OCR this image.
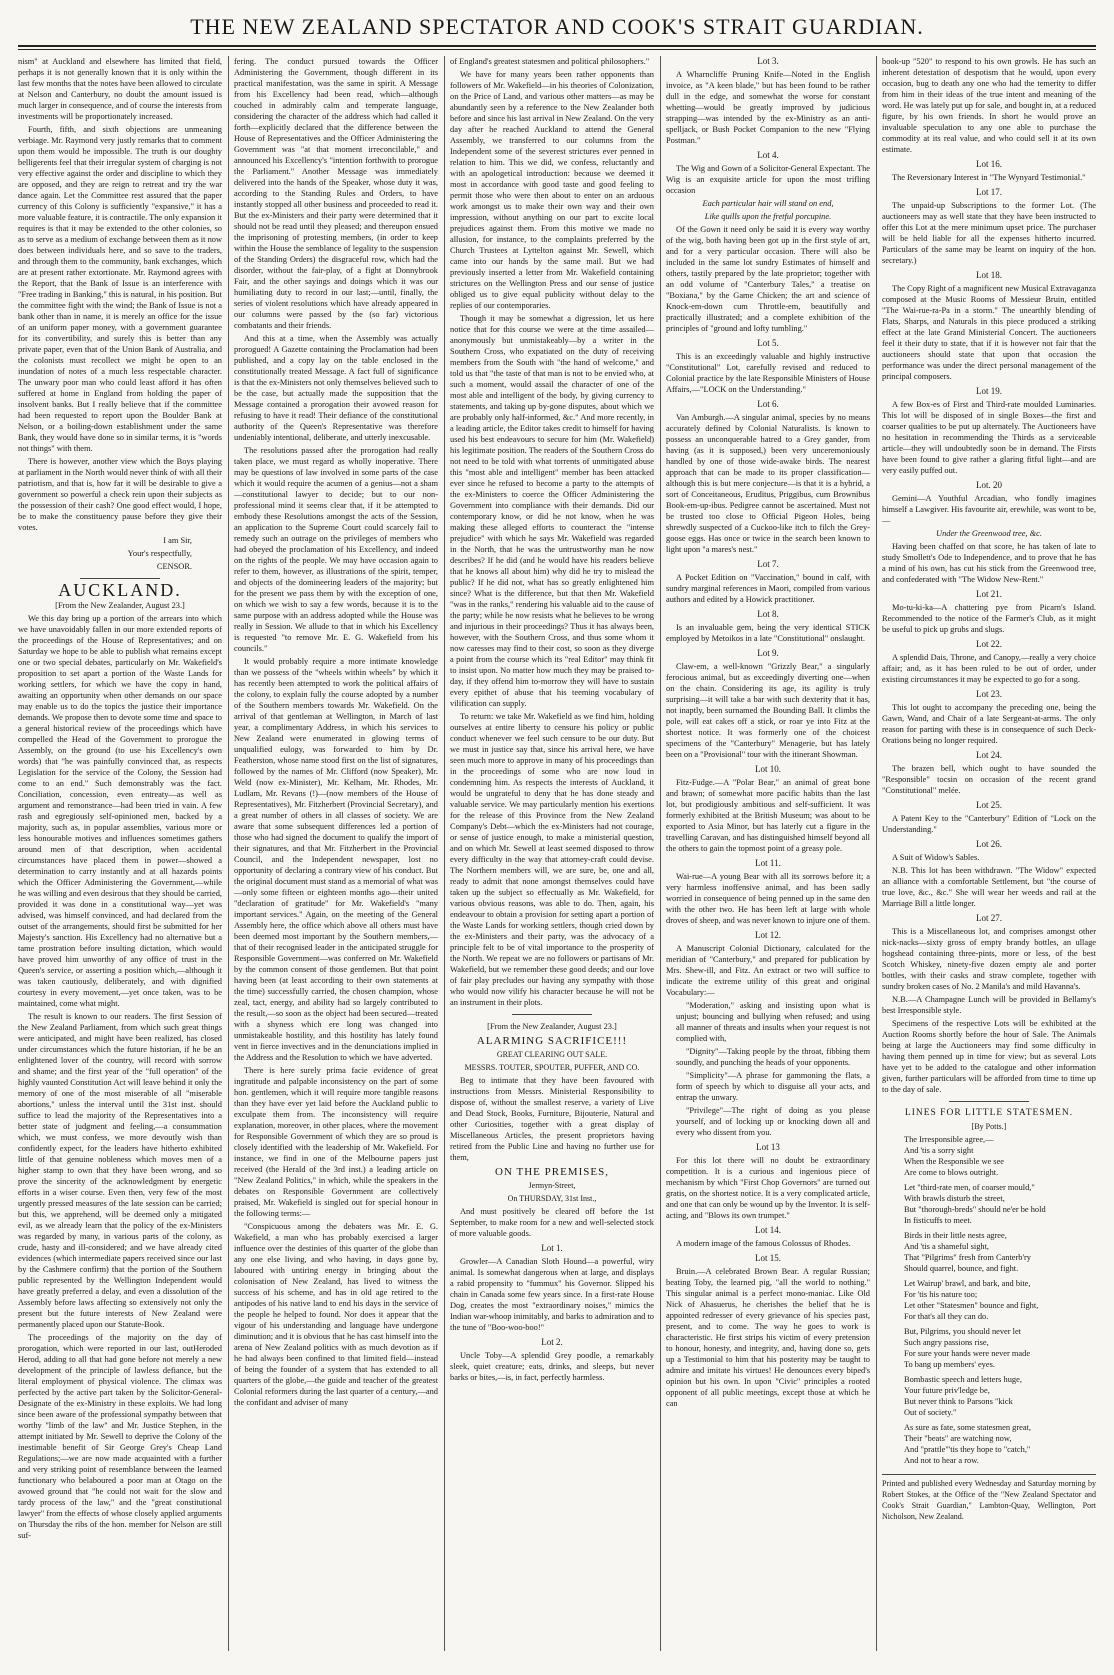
THE NEW ZEALAND SPECTATOR AND COOK'S STRAIT GUARDIAN.

nism" at Auckland and elsewhere has limited that field, perhaps it is not generally known that it is only within the last few months that the notes have been allowed to circulate at Nelson and Canterbury, no doubt the amount issued is much larger in consequence, and of course the interests from investments will be proportionately increased.

Fourth, fifth, and sixth objections are unmeaning verbiage. Mr. Raymond very justly remarks that to comment upon them would be impossible. The truth is our doughty belligerents feel that their irregular system of charging is not very effective against the order and discipline to which they are opposed, and they are reign to retreat and try the war dance again. Let the Committee rest assured that the paper currency of this Colony is sufficiently "expansive," it has a more valuable feature, it is contractile. The only expansion it requires is that it may be extended to the other colonies, so as to serve as a medium of exchange between them as it now does between individuals here, and so save to the traders, and through them to the community, bank exchanges, which are at present rather extortionate. Mr. Raymond agrees with the Report, that the Bank of Issue is an interference with "Free trading in Banking," this is natural, in his position. But the committee fight with the wind; the Bank of Issue is not a bank other than in name, it is merely an office for the issue of an uniform paper money, with a government guarantee for its convertibility, and surely this is better than any private paper, even that of the Union Bank of Australia, and the colonists must recollect we might be open to an inundation of notes of a much less respectable character. The unwary poor man who could least afford it has often suffered at home in England from holding the paper of insolvent banks. But I really believe that if the committee had been requested to report upon the Boulder Bank at Nelson, or a boiling-down establishment under the same Bank, they would have done so in similar terms, it is "words not things" with them.

There is however, another view which the Boys playing at parliament in the North would never think of with all their patriotism, and that is, how far it will be desirable to give a government so powerful a check rein upon their subjects as the possession of their cash? One good effect would, I hope, be to make the constituency pause before they give their votes.

I am Sir,

Your's respectfully,

CENSOR.

AUCKLAND.

[From the New Zealander, August 23.]

We this day bring up a portion of the arrears into which we have unavoidably fallen in our more extended reports of the proceedings of the House of Representatives; and on Saturday we hope to be able to publish what remains except one or two special debates, particularly on Mr. Wakefield's proposition to set apart a portion of the Waste Lands for working settlers, for which we have the copy in hand, awaiting an opportunity when other demands on our space may enable us to do the topics the justice their importance demands. We propose then to devote some time and space to a general historical review of the proceedings which have compelled the Head of the Government to prorogue the Assembly, on the ground (to use his Excellency's own words) that "he was painfully convinced that, as respects Legislation for the service of the Colony, the Session had come to an end." Such demonstrably was the fact. Conciliation, concession, even entreaty—as well as argument and remonstrance—had been tried in vain. A few rash and egregiously self-opinioned men, backed by a majority, such as, in popular assemblies, various more or less honourable motives and influences sometimes gathers around men of that description, when accidental circumstances have placed them in power—showed a determination to carry instantly and at all hazards points which the Officer Administering the Government,—while he was willing and even desirous that they should be carried, provided it was done in a constitutional way—yet was advised, was himself convinced, and had declared from the outset of the arrangements, should first be submitted for her Majesty's sanction. His Excellency had no alternative but a tame prostration before insulting dictation, which would have proved him unworthy of any office of trust in the Queen's service, or asserting a position which,—although it was taken cautiously, deliberately, and with dignified courtesy in every movement,—yet once taken, was to be maintained, come what might.

The result is known to our readers. The first Session of the New Zealand Parliament, from which such great things were anticipated, and might have been realized, has closed under circumstances which the future historian, if he be an enlightened lover of the country, will record with sorrow and shame; and the first year of the "full operation" of the highly vaunted Constitution Act will leave behind it only the memory of one of the most miserable of all "miserable abortions," unless the interval until the 31st inst. should suffice to lead the majority of the Representatives into a better state of judgment and feeling,—a consummation which, we must confess, we more devoutly wish than confidently expect, for the leaders have hitherto exhibited little of that genuine nobleness which moves men of a higher stamp to own that they have been wrong, and so prove the sincerity of the acknowledgment by energetic efforts in a wiser course. Even then, very few of the most urgently pressed measures of the late session can be carried; but this, we apprehend, will be deemed only a mitigated evil, as we already learn that the policy of the ex-Ministers was regarded by many, in various parts of the colony, as crude, hasty and ill-considered; and we have already cited evidences (which intermediate papers received since our last by the Cashmere confirm) that the portion of the Southern public represented by the Wellington Independent would have greatly preferred a delay, and even a dissolution of the Assembly before laws affecting so extensively not only the present but the future interests of New Zealand were permanently placed upon our Statute-Book.

The proceedings of the majority on the day of prorogation, which were reported in our last, outHeroded Herod, adding to all that had gone before not merely a new development of the principle of lawless defiance, but the literal employment of physical violence. The climax was perfected by the active part taken by the Solicitor-General-Designate of the ex-Ministry in these exploits. We had long since been aware of the professional sympathy between that worthy "limb of the law" and Mr. Justice Stephen, in the attempt initiated by Mr. Sewell to deprive the Colony of the inestimable benefit of Sir George Grey's Cheap Land Regulations;—we are now made acquainted with a further and very striking point of resemblance between the learned functionary who belaboured a poor man at Otago on the avowed ground that "he could not wait for the slow and tardy process of the law," and the "great constitutional lawyer" from the effects of whose closely applied arguments on Thursday the ribs of the hon. member for Nelson are still suf-

fering. The conduct pursued towards the Officer Administering the Government, though different in its practical manifestation, was the same in spirit. A Message from his Excellency had been read, which—although couched in admirably calm and temperate language, considering the character of the address which had called it forth—explicitly declared that the difference between the House of Representatives and the Officer Administering the Government was "at that moment irreconcilable," and announced his Excellency's "intention forthwith to prorogue the Parliament." Another Message was immediately delivered into the hands of the Speaker, whose duty it was, according to the Standing Rules and Orders, to have instantly stopped all other business and proceeded to read it. But the ex-Ministers and their party were determined that it should not be read until they pleased; and thereupon ensued the imprisoning of protesting members, (in order to keep within the House the semblance of legality to the suspension of the Standing Orders) the disgraceful row, which had the disorder, without the fair-play, of a fight at Donnybrook Fair, and the other sayings and doings which it was our humiliating duty to record in our last;—until, finally, the series of violent resolutions which have already appeared in our columns were passed by the (so far) victorious combatants and their friends.

And this at a time, when the Assembly was actually prorogued! A Gazette containing the Proclamation had been published, and a copy lay on the table enclosed in the constitutionally treated Message. A fact full of significance is that the ex-Ministers not only themselves believed such to be the case, but actually made the supposition that the Message contained a prorogation their avowed reason for refusing to have it read! Their defiance of the constitutional authority of the Queen's Representative was therefore undeniably intentional, deliberate, and utterly inexcusable.

The resolutions passed after the prorogation had really taken place, we must regard as wholly inoperative. There may be questions of law involved in some parts of the case which it would require the acumen of a genius—not a sham—constitutional lawyer to decide; but to our non-professional mind it seems clear that, if it be attempted to embody these Resolutions amongst the acts of the Session, an application to the Supreme Court could scarcely fail to remedy such an outrage on the privileges of members who had obeyed the proclamation of his Excellency, and indeed on the rights of the people. We may have occasion again to refer to them, however, as illustrations of the spirit, temper, and objects of the domineering leaders of the majority; but for the present we pass them by with the exception of one, on which we wish to say a few words, because it is to the same purpose with an address adopted while the House was really in Session. We allude to that in which his Excellency is requested "to remove Mr. E. G. Wakefield from his councils."

It would probably require a more intimate knowledge than we possess of the "wheels within wheels" by which it has recently been attempted to work the political affairs of the colony, to explain fully the course adopted by a number of the Southern members towards Mr. Wakefield. On the arrival of that gentleman at Wellington, in March of last year, a complimentary Address, in which his services to New Zealand were enumerated in glowing terms of unqualified eulogy, was forwarded to him by Dr. Featherston, whose name stood first on the list of signatures, followed by the names of Mr. Clifford (now Speaker), Mr. Weld (now ex-Minister), Mr. Kelham, Mr. Rhodes, Mr. Ludlam, Mr. Revans (!)—(now members of the House of Representatives), Mr. Fitzherbert (Provincial Secretary), and a great number of others in all classes of society. We are aware that some subsequent differences led a portion of those who had signed the document to qualify the import of their signatures, and that Mr. Fitzherbert in the Provincial Council, and the Independent newspaper, lost no opportunity of declaring a contrary view of his conduct. But the original document must stand as a memorial of what was—only some fifteen or eighteen months ago—their united "declaration of gratitude" for Mr. Wakefield's "many important services." Again, on the meeting of the General Assembly here, the office which above all others must have been deemed most important by the Southern members,—that of their recognised leader in the anticipated struggle for Responsible Government—was conferred on Mr. Wakefield by the common consent of those gentlemen. But that point having been (at least according to their own statements at the time) successfully carried, the chosen champion, whose zeal, tact, energy, and ability had so largely contributed to the result,—so soon as the object had been secured—treated with a shyness which ere long was changed into unmistakeable hostility, and this hostility has lately found vent in fierce invectives and in the denunciations implied in the Address and the Resolution to which we have adverted.

There is here surely prima facie evidence of great ingratitude and palpable inconsistency on the part of some hon. gentlemen, which it will require more tangible reasons than they have ever yet laid before the Auckland public to exculpate them from. The inconsistency will require explanation, moreover, in other places, where the movement for Responsible Government of which they are so proud is closely identified with the leadership of Mr. Wakefield. For instance, we find in one of the Melbourne papers just received (the Herald of the 3rd inst.) a leading article on "New Zealand Politics," in which, while the speakers in the debates on Responsible Government are collectively praised, Mr. Wakefield is singled out for special honour in the following terms:—

"Conspicuous among the debaters was Mr. E. G. Wakefield, a man who has probably exercised a larger influence over the destinies of this quarter of the globe than any one else living, and who having, in days gone by, laboured with untiring energy in bringing about the colonisation of New Zealand, has lived to witness the success of his scheme, and has in old age retired to the antipodes of his native land to end his days in the service of the people he helped to found. Nor does it appear that the vigour of his understanding and language have undergone diminution; and it is obvious that he has cast himself into the arena of New Zealand politics with as much devotion as if he had always been confined to that limited field—instead of being the founder of a system that has extended to all quarters of the globe,—the guide and teacher of the greatest Colonial reformers during the last quarter of a century,—and the confidant and adviser of many

of England's greatest statesmen and political philosophers."

We have for many years been rather opponents than followers of Mr. Wakefield—in his theories of Colonization, on the Price of Land, and various other matters—as may be abundantly seen by a reference to the New Zealander both before and since his last arrival in New Zealand. On the very day after he reached Auckland to attend the General Assembly, we transferred to our columns from the Independent some of the severest strictures ever penned in relation to him. This we did, we confess, reluctantly and with an apologetical introduction: because we deemed it most in accordance with good taste and good feeling to permit those who were then about to enter on an arduous work amongst us to make their own way and their own impression, without anything on our part to excite local prejudices against them. From this motive we made no allusion, for instance, to the complaints preferred by the Church Trustees at Lyttelton against Mr. Sewell, which came into our hands by the same mail. But we had previously inserted a letter from Mr. Wakefield containing strictures on the Wellington Press and our sense of justice obliged us to give equal publicity without delay to the replies of our contemporaries.

Though it may be somewhat a digression, let us here notice that for this course we were at the time assailed—anonymously but unmistakeably—by a writer in the Southern Cross, who expatiated on the duty of receiving members from the South with "the hand of welcome," and told us that "the taste of that man is not to be envied who, at such a moment, would assail the character of one of the most able and intelligent of the body, by giving currency to statements, and taking up by-gone disputes, about which we are probably only half-informed, &c." And more recently, in a leading article, the Editor takes credit to himself for having used his best endeavours to secure for him (Mr. Wakefield) his legitimate position. The readers of the Southern Cross do not need to be told with what torrents of unmitigated abuse this "most able and intelligent" member has been attacked ever since he refused to become a party to the attempts of the ex-Ministers to coerce the Officer Administering the Government into compliance with their demands. Did our contemporary know, or did he not know, when he was making these alleged efforts to counteract the "intense prejudice" with which he says Mr. Wakefield was regarded in the North, that he was the untrustworthy man he now describes? If he did (and he would have his readers believe that he knows all about him) why did he try to mislead the public? If he did not, what has so greatly enlightened him since? What is the difference, but that then Mr. Wakefield "was in the ranks," rendering his valuable aid to the cause of the party; while he now resists what he believes to be wrong and injurious in their proceedings? Thus it has always been, however, with the Southern Cross, and thus some whom it now caresses may find to their cost, so soon as they diverge a point from the course which its "real Editor" may think fit to insist upon. No matter how much they may be praised to-day, if they offend him to-morrow they will have to sustain every epithet of abuse that his teeming vocabulary of vilification can supply.

To return: we take Mr. Wakefield as we find him, holding ourselves at entire liberty to censure his policy or public conduct whenever we feel such censure to be our duty. But we must in justice say that, since his arrival here, we have seen much more to approve in many of his proceedings than in the proceedings of some who are now loud in condemning him. As respects the interests of Auckland, it would be ungrateful to deny that he has done steady and valuable service. We may particularly mention his exertions for the release of this Province from the New Zealand Company's Debt—which the ex-Ministers had not courage, or sense of justice enough, to make a ministerial question, and on which Mr. Sewell at least seemed disposed to throw every difficulty in the way that attorney-craft could devise. The Northern members will, we are sure, be, one and all, ready to admit that none amongst themselves could have taken up the subject so effectually as Mr. Wakefield, for various obvious reasons, was able to do. Then, again, his endeavour to obtain a provision for setting apart a portion of the Waste Lands for working settlers, though cried down by the ex-Ministers and their party, was the advocacy of a principle felt to be of vital importance to the prosperity of the North. We repeat we are no followers or partisans of Mr. Wakefield, but we remember these good deeds; and our love of fair play precludes our having any sympathy with those who would now vilify his character because he will not be an instrument in their plots.

[From the New Zealander, August 23.]

ALARMING SACRIFICE!!!
GREAT CLEARING OUT SALE.
MESSRS. TOUTER, SPOUTER, PUFFER, AND CO.

Beg to intimate that they have been favoured with instructions from Messrs. Ministerial Responsibility to dispose of, without the smallest reserve, a variety of Live and Dead Stock, Books, Furniture, Bijouterie, Natural and other Curiosities, together with a great display of Miscellaneous Articles, the present proprietors having retired from the Public Line and having no further use for them,

ON THE PREMISES,
Jermyn-Street,
On THURSDAY, 31st Inst.,

And must positively be cleared off before the 1st September, to make room for a new and well-selected stock of more valuable goods.

Lot 1.

Growler—A Canadian Sloth Hound—a powerful, wiry animal. Is somewhat dangerous when at large, and displays a rabid propensity to "fummux" his Governor. Slipped his chain in Canada some few years since. In a first-rate House Dog, creates the most "extraordinary noises," mimics the Indian war-whoop inimitably, and barks to admiration and to the tune of "Boo-woo-boo!"

Lot 2.

Uncle Toby—A splendid Grey poodle, a remarkably sleek, quiet creature; eats, drinks, and sleeps, but never barks or bites,—is, in fact, perfectly harmless.

Lot 3.

A Wharncliffe Pruning Knife—Noted in the English invoice, as "A keen blade," but has been found to be rather dull in the edge, and somewhat the worse for constant whetting—would be greatly improved by judicious strapping—was intended by the ex-Ministry as an anti-spelljack, or Bush Pocket Companion to the new "Flying Postman."

Lot 4.

The Wig and Gown of a Solicitor-General Expectant. The Wig is an exquisite article for upon the most trifling occasion

Each particular hair will stand on end,

Like quills upon the fretful porcupine.

Of the Gown it need only be said it is every way worthy of the wig, both having been got up in the first style of art, and for a very particular occasion. There will also be included in the same lot sundry Estimates of himself and others, tastily prepared by the late proprietor; together with an odd volume of "Canterbury Tales," a treatise on "Boxiana," by the Game Chicken; the art and science of Knock-em-down cum Throttle-em, beautifully and practically illustrated; and a complete exhibition of the principles of "ground and lofty tumbling."

Lot 5.

This is an exceedingly valuable and highly instructive "Constitutional" Lot, carefully revised and reduced to Colonial practice by the late Responsible Ministers of House Affairs,—"LOCK on the Understanding."

Lot 6.

Van Amburgh.—A singular animal, species by no means accurately defined by Colonial Naturalists. Is known to possess an unconquerable hatred to a Grey gander, from having (as it is supposed,) been very unceremoniously handled by one of those wide-awake birds. The nearest approach that can be made to its proper classification—although this is but mere conjecture—is that it is a hybrid, a sort of Conceitaneous, Eruditus, Priggibus, cum Brownibus Book-em-up-ibus. Pedigree cannot be ascertained. Must not be trusted too close to Official Pigeon Holes, being shrewdly suspected of a Cuckoo-like itch to filch the Grey-goose eggs. Has once or twice in the search been known to light upon "a mares's nest."

Lot 7.

A Pocket Edition on "Vaccination," bound in calf, with sundry marginal references in Maori, compiled from various authors and edited by a Howick practitioner.

Lot 8.

Is an invaluable gem, being the very identical STICK employed by Metoikos in a late "Constitutional" onslaught.

Lot 9.

Claw-em, a well-known "Grizzly Bear," a singularly ferocious animal, but as exceedingly diverting one—when on the chain. Considering its age, its agility is truly surprising—it will take a bar with such dexterity that it has, not inaptly, been surnamed the Bounding Ball. It climbs the pole, will eat cakes off a stick, or roar ye into Fitz at the shortest notice. It was formerly one of the choicest specimens of the "Canterbury" Menagerie, but has lately been on a "Provisional" tour with the itinerant Showman.

Lot 10.

Fitz-Fudge.—A "Polar Bear," an animal of great bone and brawn; of somewhat more pacific habits than the last lot, but prodigiously ambitious and self-sufficient. It was formerly exhibited at the British Museum; was about to be exported to Asia Minor, but has laterly cut a figure in the travelling Caravan, and has distinguished himself beyond all the others to gain the topmost point of a greasy pole.

Lot 11.

Wai-rue—A young Bear with all its sorrows before it; a very harmless inoffensive animal, and has been sadly worried in consequence of being penned up in the same den with the other two. He has been left at large with whole droves of sheep, and was never known to injure one of them.

Lot 12.

A Manuscript Colonial Dictionary, calculated for the meridian of "Canterbury," and prepared for publication by Mrs. Shew-ill, and Fitz. An extract or two will suffice to indicate the extreme utility of this great and original Vocabulary:—

"Moderation," asking and insisting upon what is unjust; bouncing and bullying when refused; and using all manner of threats and insults when your request is not complied with,

"Dignity"—Taking people by the throat, fibbing them soundly, and punching the heads of your opponents.

"Simplicity"—A phrase for gammoning the flats, a form of speech by which to disguise all your acts, and entrap the unwary.

"Privilege"—The right of doing as you please yourself, and of locking up or knocking down all and every who dissent from you.

Lot 13

For this lot there will no doubt be extraordinary competition. It is a curious and ingenious piece of mechanism by which "First Chop Governors" are turned out gratis, on the shortest notice. It is a very complicated article, and one that can only be wound up by the Inventor. It is self-acting, and "Blows its own trumpet."

Lot 14.

A modern image of the famous Colossus of Rhodes.

Lot 15.

Bruin.—A celebrated Brown Bear. A regular Russian; beating Toby, the learned pig, "all the world to nothing." This singular animal is a perfect mono-maniac. Like Old Nick of Ahasuerus, he cherishes the belief that he is appointed redresser of every grievance of his species past, present, and to come. The way he goes to work is characteristic. He first strips his victim of every pretension to honour, honesty, and integrity, and, having done so, gets up a Testimonial to him that his posterity may be taught to admire and imitate his virtues! He denounces every biped's opinion but his own. In upon "Civic" principles a rooted opponent of all public meetings, except those at which he can

book-up "520" to respond to his own growls. He has such an inherent detestation of despotism that he would, upon every occasion, bug to death any one who had the temerity to differ from him in their ideas of the true intent and meaning of the word. He was lately put up for sale, and bought in, at a reduced figure, by his own friends. In short he would prove an invaluable speculation to any one able to purchase the commodity at its real value, and who could sell it at its own estimate.

Lot 16.

The Reversionary Interest in "The Wynyard Testimonial."

Lot 17.

The unpaid-up Subscriptions to the former Lot. (The auctioneers may as well state that they have been instructed to offer this Lot at the mere minimum upset price. The purchaser will be held liable for all the expenses hitherto incurred. Particulars of the same may be learnt on inquiry of the hon. secretary.)

Lot 18.

The Copy Right of a magnificent new Musical Extravaganza composed at the Music Rooms of Messieur Bruin, entitled "The Wai-rue-ra-Pa in a storm." The unearthly blending of Flats, Sharps, and Naturals in this piece produced a striking effect at the late Grand Ministerial Concert. The auctioneers feel it their duty to state, that if it is however not fair that the auctioneers should state that upon that occasion the performance was under the direct personal management of the principal composers.

Lot 19.

A few Box-es of First and Third-rate moulded Luminaries. This lot will be disposed of in single Boxes—the first and coarser qualities to be put up alternately. The Auctioneers have no hesitation in recommending the Thirds as a serviceable article—they will undoubtedly soon be in demand. The Firsts have been found to give rather a glaring fitful light—and are very easily puffed out.

Lot. 20

Gemini—A Youthful Arcadian, who fondly imagines himself a Lawgiver. His favourite air, erewhile, was wont to be,—

Under the Greenwood tree, &c.

Having been chaffed on that score, he has taken of late to study Smollett's Ode to Independence, and to prove that he has a mind of his own, has cut his stick from the Greenwood tree, and confederated with "The Widow New-Rent."

Lot 21.

Mo-tu-ki-ka—A chattering pye from Picarn's Island. Recommended to the notice of the Farmer's Club, as it might be useful to pick up grubs and slugs.

Lot 22.

A splendid Dais, Throne, and Canopy,—really a very choice affair; and, as it has been ruled to be out of order, under existing circumstances it may be expected to go for a song.

Lot 23.

This lot ought to accompany the preceding one, being the Gawn, Wand, and Chair of a late Sergeant-at-arms. The only reason for parting with these is in consequence of such Deck-Orations being no longer required.

Lot 24.

The brazen bell, which ought to have sounded the "Responsible" tocsin on occasion of the recent grand "Constitutional" melée.

Lot 25.

A Patent Key to the "Canterbury" Edition of "Lock on the Understanding."

Lot 26.

A Suit of Widow's Sables.

N.B. This lot has been withdrawn. "The Widow" expected an alliance with a comfortable Settlement, but "the course of true love, &c., &c." She will wear her weeds and rail at the Marriage Bill a little longer.

Lot 27.

This is a Miscellaneous lot, and comprises amongst other nick-nacks—sixty gross of empty brandy bottles, an ullage hogshead containing three-pints, more or less, of the best Scotch Whiskey, ninety-five dozen empty ale and porter bottles, with their casks and straw complete, together with sundry broken cases of No. 2 Manila's and mild Havanna's.

N.B.—A Champagne Lunch will be provided in Bellamy's best Irresponsible style.

Specimens of the respective Lots will be exhibited at the Auction Rooms shortly before the hour of Sale. The Animals being at large the Auctioneers may find some difficulty in having them penned up in time for view; but as several Lots have yet to be added to the catalogue and other information given, further particulars will be afforded from time to time up to the day of sale.

LINES FOR LITTLE STATESMEN.
[By Potts.]
The Irresponsible agree,—
And 'tis a sorry sight
When the Responsible we see
Are come to blows outright.

Let "third-rate men, of coarser mould,"
With brawls disturb the street,
But "thorough-breds" should ne'er be hold
In fisticuffs to meet.

Birds in their little nests agree,
And 'tis a shameful sight,
That "Pilgrims" fresh from Canterb'ry
Should quarrel, bounce, and fight.

Let Wairup' brawl, and bark, and bite,
For 'tis his nature too;
Let other "Statesmen" bounce and fight,
For that's all they can do.

But, Pilgrims, you should never let
Such angry passions rise,
For sure your hands were never made
To bang up members' eyes.

Bombastic speech and letters huge,
Your future priv'ledge be,
But never think to Parsons "kick
Out of society."

As sure as fate, some statesmen great,
Their "beats" are watching now,
And "prattle"'tis they hope to "catch,"
And not to hear a row.
Printed and published every Wednesday and Saturday morning by Robert Stokes, at the Office of the "New Zealand Spectator and Cook's Strait Guardian," Lambton-Quay, Wellington, Port Nicholson, New Zealand.
